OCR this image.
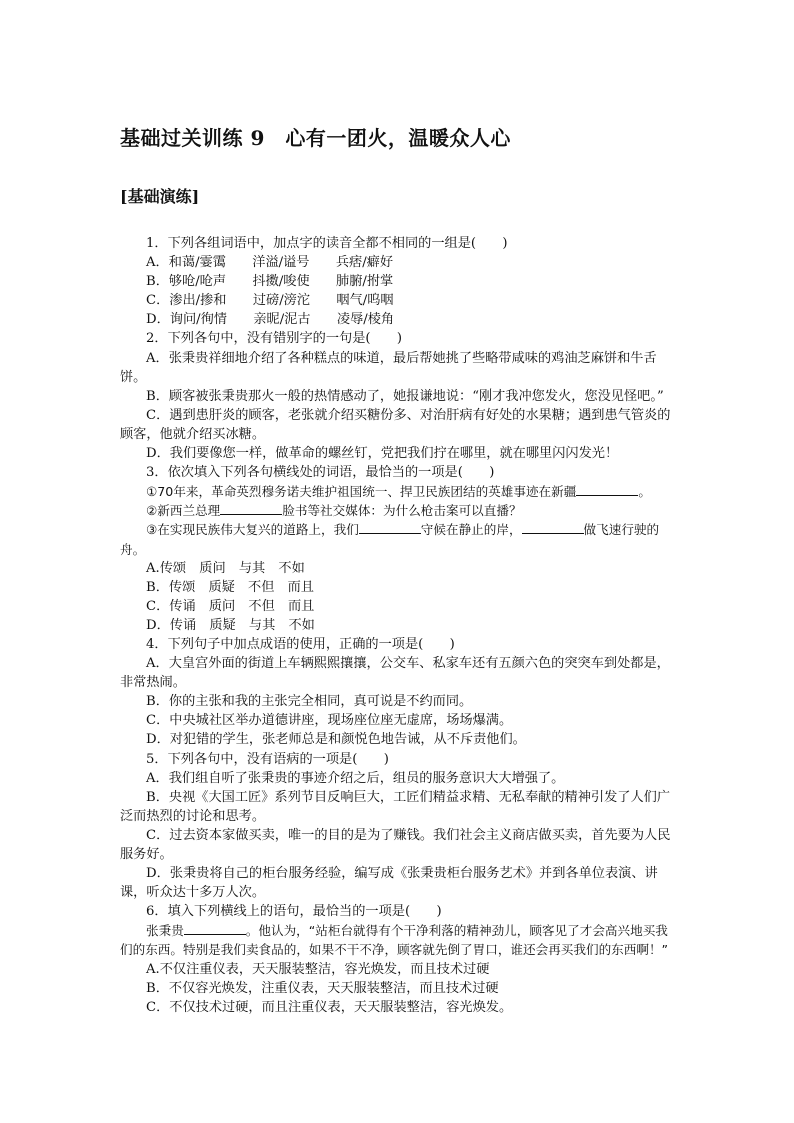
基础过关训练 9　心有一团火，温暖众人心
[基础演练]

1．下列各组词语中，加点字的读音全都不相同的一组是(　　)

A．和蔼/霎霭　　洋溢/谥号　　兵痞/癖好

B．够呛/呛声　　抖擞/唆使　　肺腑/拊掌

C．渗出/掺和　　过磅/滂沱　　咽气/呜咽

D．询问/徇情　　亲昵/泥古　　凌辱/棱角

2．下列各句中，没有错别字的一句是(　　)

A．张秉贵祥细地介绍了各种糕点的味道，最后帮她挑了些略带咸味的鸡油芝麻饼和牛舌饼。

B．顾客被张秉贵那火一般的热情感动了，她报谦地说：“刚才我冲您发火，您没见怪吧。”

C．遇到患肝炎的顾客，老张就介绍买糖份多、对治肝病有好处的水果糖；遇到患气管炎的顾客，他就介绍买冰糖。

D．我们要像您一样，做革命的螺丝钉，党把我们拧在哪里，就在哪里闪闪发光！

3．依次填入下列各句横线处的词语，最恰当的一项是(　　)

①70年来，革命英烈穆务诺夫维护祖国统一、捍卫民族团结的英雄事迹在新疆	。

②新西兰总理	脸书等社交媒体：为什么枪击案可以直播？

③在实现民族伟大复兴的道路上，我们	守候在静止的岸，	做飞速行驶的舟。

A.传颂　质问　与其　不如

B．传颂　质疑　不但　而且

C．传诵　质问　不但　而且

D．传诵　质疑　与其　不如

4．下列句子中加点成语的使用，正确的一项是(　　)

A．大皇宫外面的街道上车辆熙熙攘攘，公交车、私家车还有五颜六色的突突车到处都是，非常热闹。

B．你的主张和我的主张完全相同，真可说是不约而同。

C．中央城社区举办道德讲座，现场座位座无虚席，场场爆满。

D．对犯错的学生，张老师总是和颜悦色地告诫，从不斥责他们。

5．下列各句中，没有语病的一项是(　　)

A．我们组自听了张秉贵的事迹介绍之后，组员的服务意识大大增强了。

B．央视《大国工匠》系列节目反响巨大，工匠们精益求精、无私奉献的精神引发了人们广泛而热烈的讨论和思考。

C．过去资本家做买卖，唯一的目的是为了赚钱。我们社会主义商店做买卖，首先要为人民服务好。

D．张秉贵将自己的柜台服务经验，编写成《张秉贵柜台服务艺术》并到各单位表演、讲课，听众达十多万人次。

6．填入下列横线上的语句，最恰当的一项是(　　)

张秉贵	。他认为，“站柜台就得有个干净利落的精神劲儿，顾客见了才会高兴地买我们的东西。特别是我们卖食品的，如果不干不净，顾客就先倒了胃口，谁还会再买我们的东西啊！”

A.不仅注重仪表，天天服装整洁，容光焕发，而且技术过硬

B．不仅容光焕发，注重仪表，天天服装整洁，而且技术过硬

C．不仅技术过硬，而且注重仪表，天天服装整洁，容光焕发。
